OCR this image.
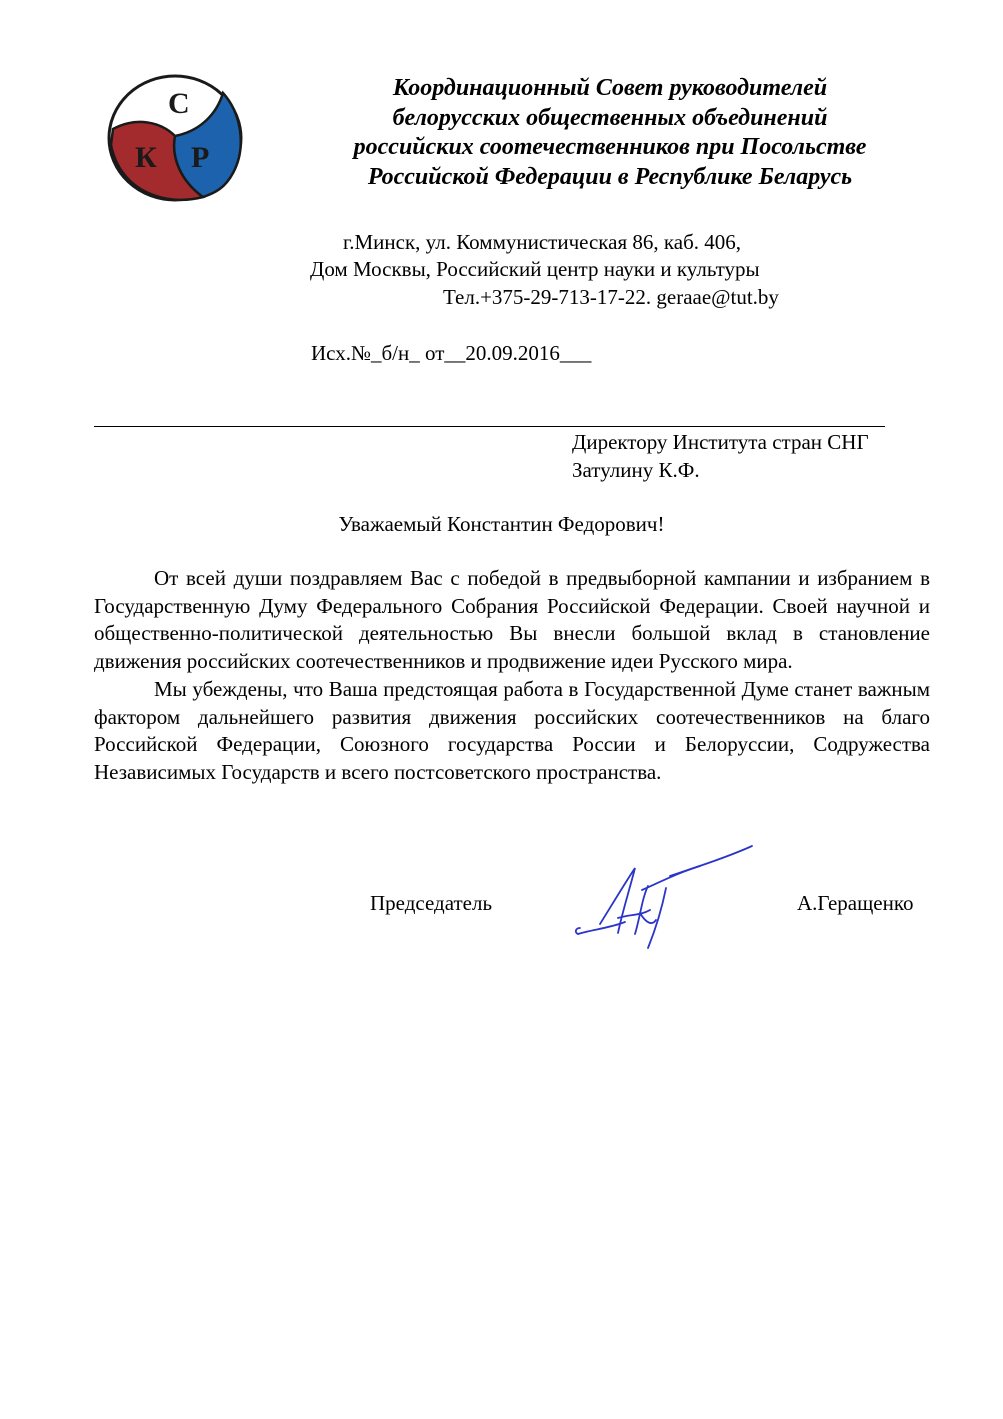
С
К Р
Координационный Совет руководителей
белорусских общественных объединений
российских соотечественников при Посольстве
Российской Федерации в Республике Беларусь
г.Минск, ул. Коммунистическая 86, каб. 406,
Дом Москвы, Российский центр науки и культуры
Тел.+375-29-713-17-22. geraae@tut.by
Исх.№_б/н_ от__20.09.2016___
Директору Института стран СНГ
Затулину К.Ф.
Уважаемый Константин Федорович!

От всей души поздравляем Вас с победой в предвыборной кампании и избранием в Государственную Думу Федерального Собрания Российской Федерации. Своей научной и общественно-политической деятельностью Вы внесли большой вклад в становление движения российских соотечественников и продвижение идеи Русского мира.

Мы убеждены, что Ваша предстоящая работа в Государственной Думе станет важным фактором дальнейшего развития движения российских соотечественников на благо Российской Федерации, Союзного государства России и Белоруссии, Содружества Независимых Государств и всего постсоветского пространства.

Председатель	А.Геращенко
